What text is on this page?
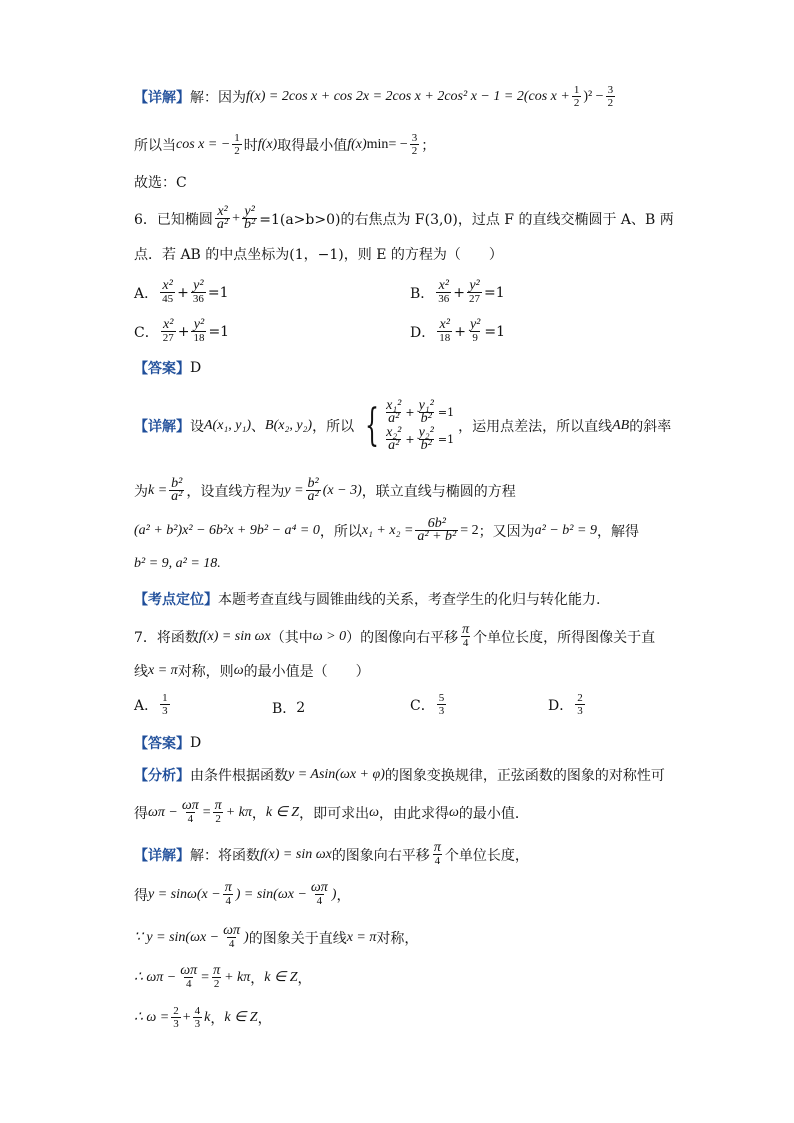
【详解】 解：因为 f(x) = 2cos x + cos 2x = 2cos x + 2cos² x − 1 = 2(cos $x + \frac{1}{2} )^2 - \frac{3}{2}$
所以当 cos x = − $\frac{1}{2}$ 时 f(x) 取得最小值 f(x) min = − $\frac{3}{2}$ ；
故选：C
6．已知椭圆 $\frac{\text{x²}}{\text{a²}} + \frac{\text{y²}}{\text{b²}} =1(a>b>0)$的右焦点为 F(3,0)，过点 F 的直线交椭圆于 A、B 两
点．若 AB 的中点坐标为(1，−1)，则 E 的方程为（　　）
A． $\frac{\text{x²}}{45} + \frac{\text{y²}}{36} =1$	B． $\frac{\text{x²}}{36} + \frac{\text{y²}}{27} =1$
C． $\frac{\text{x²}}{27} + \frac{\text{y²}}{18} =1$	D． $\frac{\text{x²}}{18} + \frac{\text{y²}}{9} =1$
【答案】 D
【详解】 设 A(x₁, y₁) 、 B(x₂, y₂) ，所以 { $\frac{\text{x₁²}}{\text{a²}} + \frac{\text{y₁²}}{\text{b²}} =1$
$\frac{\text{x₂²}}{\text{a²}} + \frac{\text{y₂²}}{\text{b²}} =1$
，运用点差法，所以直线 AB 的斜率
为 $k = \frac{\text{b²}}{\text{a²}}$ ，设直线方程为 $y = \frac{\text{b²}}{\text{a²}} (x - 3)$ ，联立直线与椭圆的方程
(a² + b²)x² − 6b²x + 9b² − a⁴ = 0 ，所以 $x_1 + x_2 = \frac{\text{6b²}}{\text{a² + b²}} = 2$ ；又因为 a² − b² = 9 ，解得
b² = 9, a² = 18.
【考点定位】 本题考查直线与圆锥曲线的关系，考查学生的化归与转化能力.
7．将函数 f(x) = sin ωx （其中 ω > 0 ）的图像向右平移 $\frac{\pi}{4}$ 个单位长度，所得图像关于直
线 x = π 对称，则 ω 的最小值是（　　）
A． $\frac{1}{3}$	B． 2	C． $\frac{5}{3}$	D． $\frac{2}{3}$
【答案】 D
【分析】 由条件根据函数 y = Asin(ωx + φ) 的图象变换规律，正弦函数的图象的对称性可
得 $\omega\pi - \frac{\omega\pi}{4} = \frac{\pi}{2} + k\pi$ ， k ∈ Z ，即可求出 ω ，由此求得 ω 的最小值．
【详解】 解：将函数 f(x) = sin ωx 的图象向右平移 $\frac{\pi}{4}$ 个单位长度，
得 $y = \sin\omega(x - \frac{\pi}{4}$ ) = $\sin(\omega x - \frac{\omega\pi}{4}$ ) ，
∵ $y = \sin(\omega x - \frac{\omega\pi}{4}$ ) 的图象关于直线 x = π 对称，
∴ $\omega\pi - \frac{\omega\pi}{4} = \frac{\pi}{2} + k\pi$ ， k ∈ Z ，
∴ $\omega = \frac{2}{3} + \frac{4}{3}$ k ， k ∈ Z ，
